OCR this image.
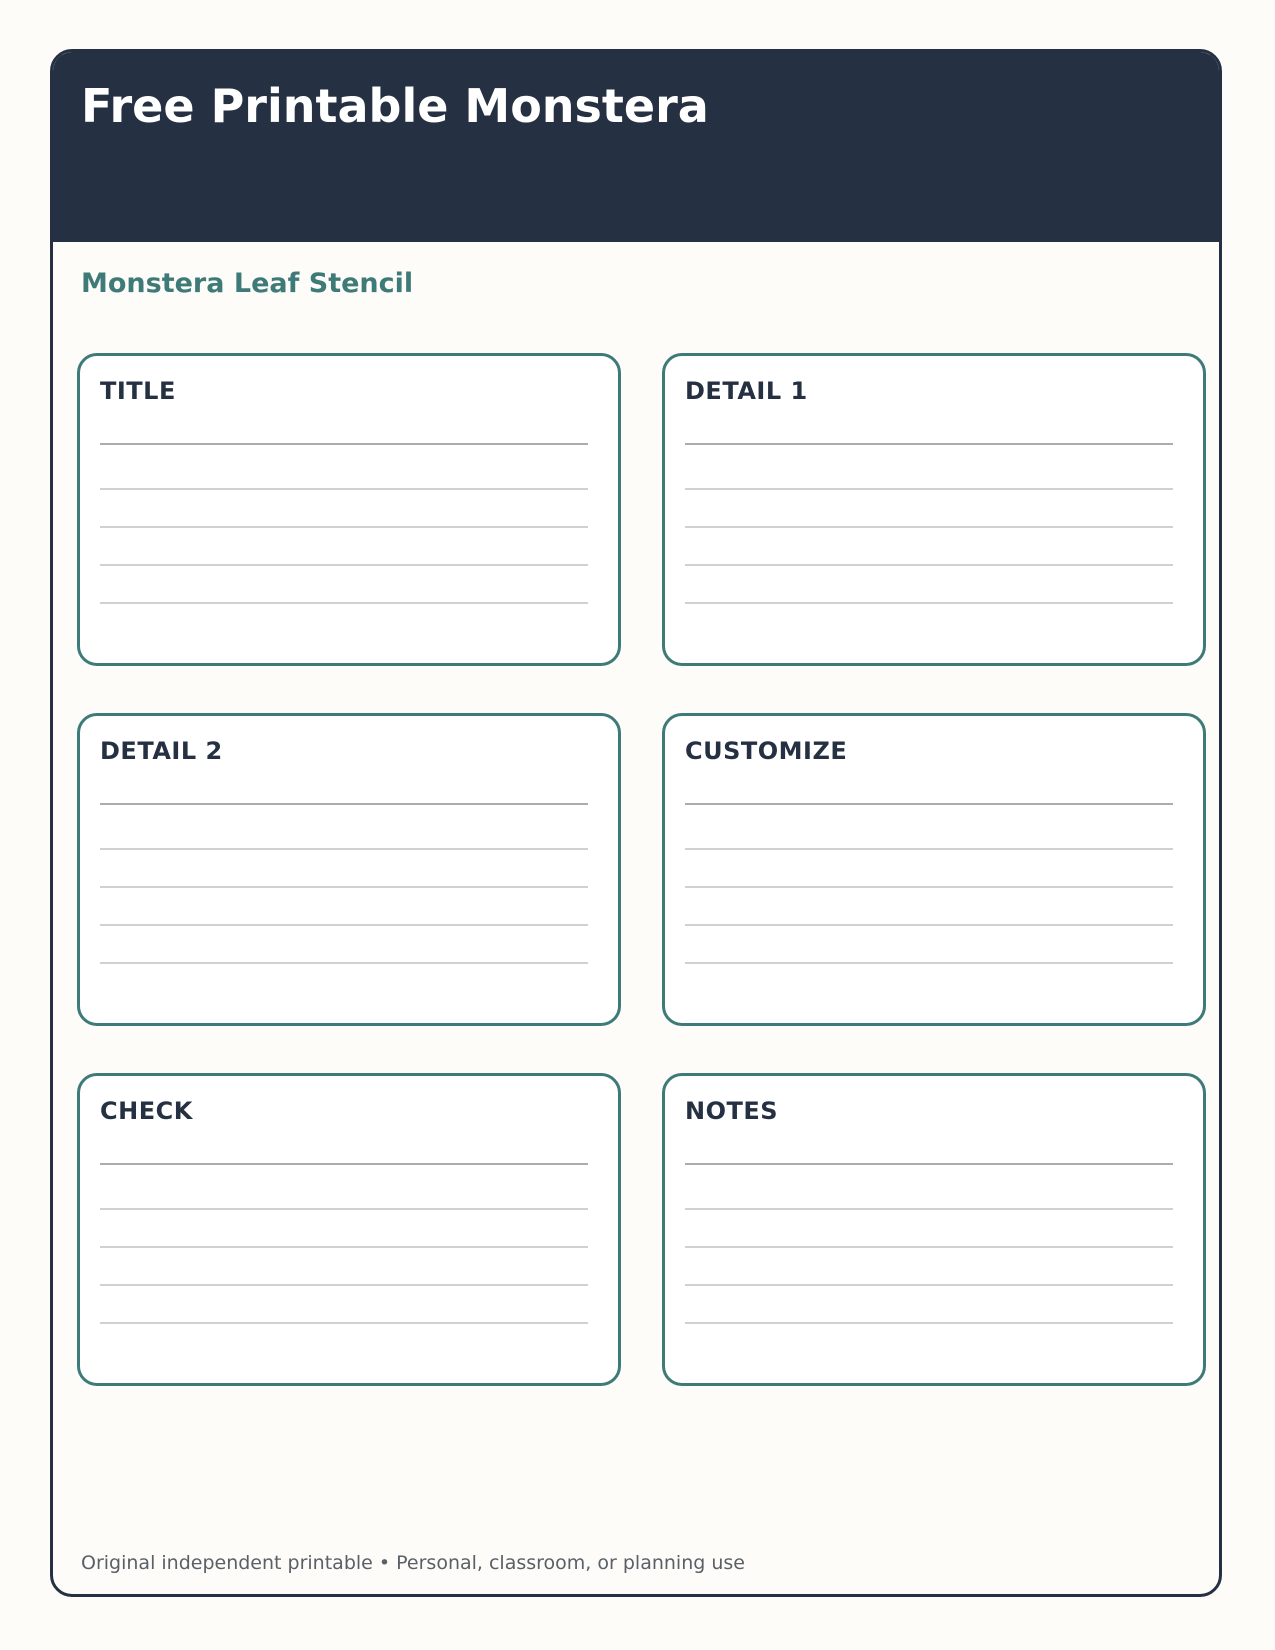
Free Printable Monstera
Monstera Leaf Stencil
TITLE	DETAIL 1
DETAIL 2	CUSTOMIZE
CHECK	NOTES

Original independent printable • Personal, classroom, or planning use
